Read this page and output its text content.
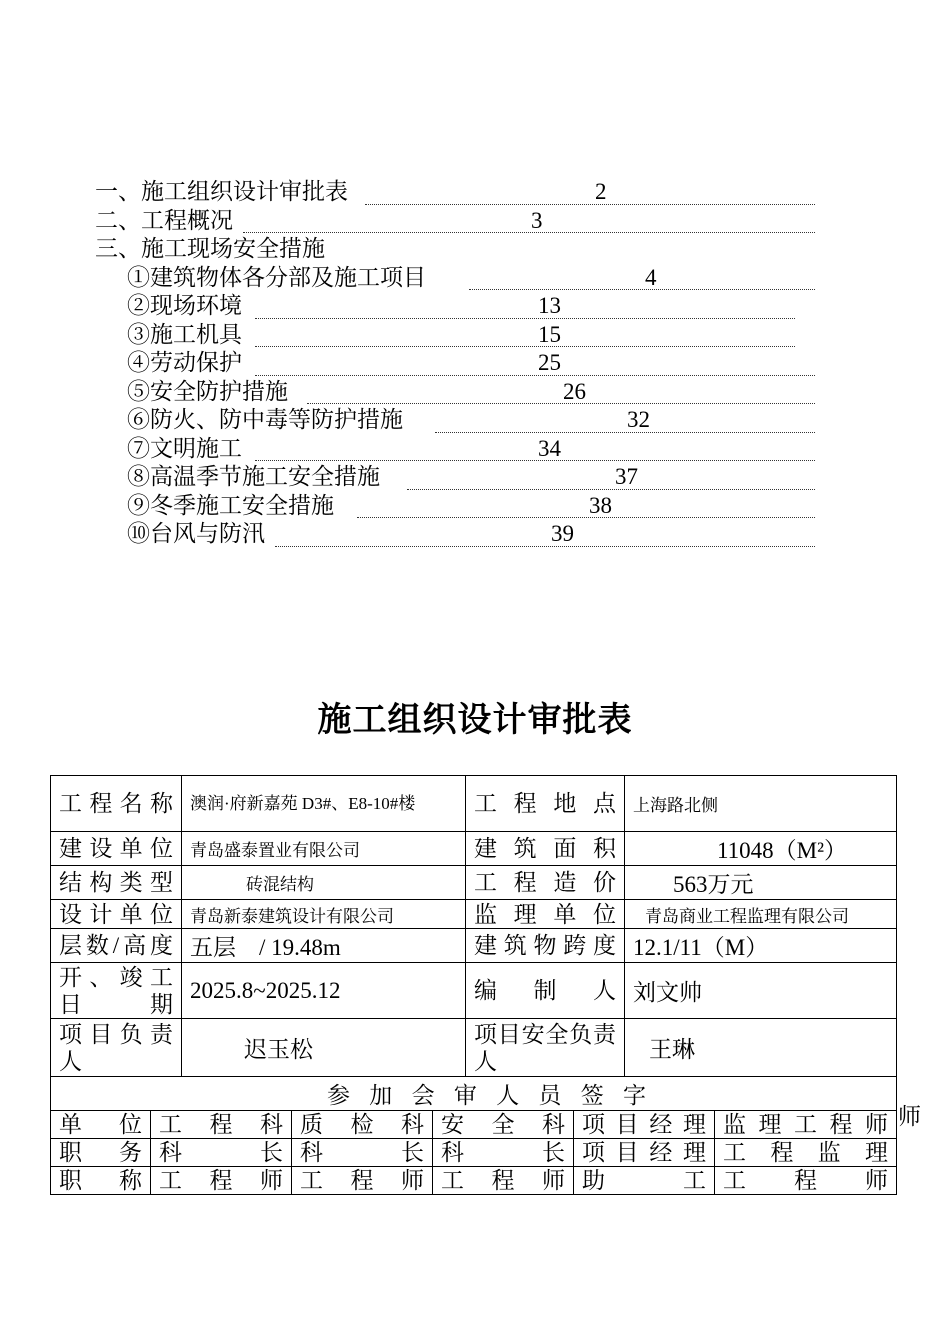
一、施工组织设计审批表	2
二、工程概况	3
三、施工现场安全措施
①建筑物体各分部及施工项目	4
②现场环境	13
③施工机具	15
④劳动保护	25
⑤安全防护措施	26
⑥防火、防中毒等防护措施	32
⑦文明施工	34
⑧高温季节施工安全措施	37
⑨冬季施工安全措施	38
⑩台风与防汛	39
施工组织设计审批表
工程名称	澳润·府新嘉苑 D3#、E8-10#楼	工程地点	上海路北侧
建设单位	青岛盛泰置业有限公司	建筑面积	11048（M²）
结构类型	砖混结构	工程造价	563万元
设计单位	青岛新泰建筑设计有限公司	监理单位	青岛商业工程监理有限公司
层数/高度	五层　/ 19.48m	建筑物跨度	12.1/11（M）
开、竣工日期	2025.8~2025.12	编制人	刘文帅
项目负责人	迟玉松	项目安全负责人	王琳

参加会审人员签字

单位	工程科	质检科	安全科	项目经理	监理工程师
职务	科长	科长	科长	项目经理	工程监理
职称	工程师	工程师	工程师	助工	工程师
师
